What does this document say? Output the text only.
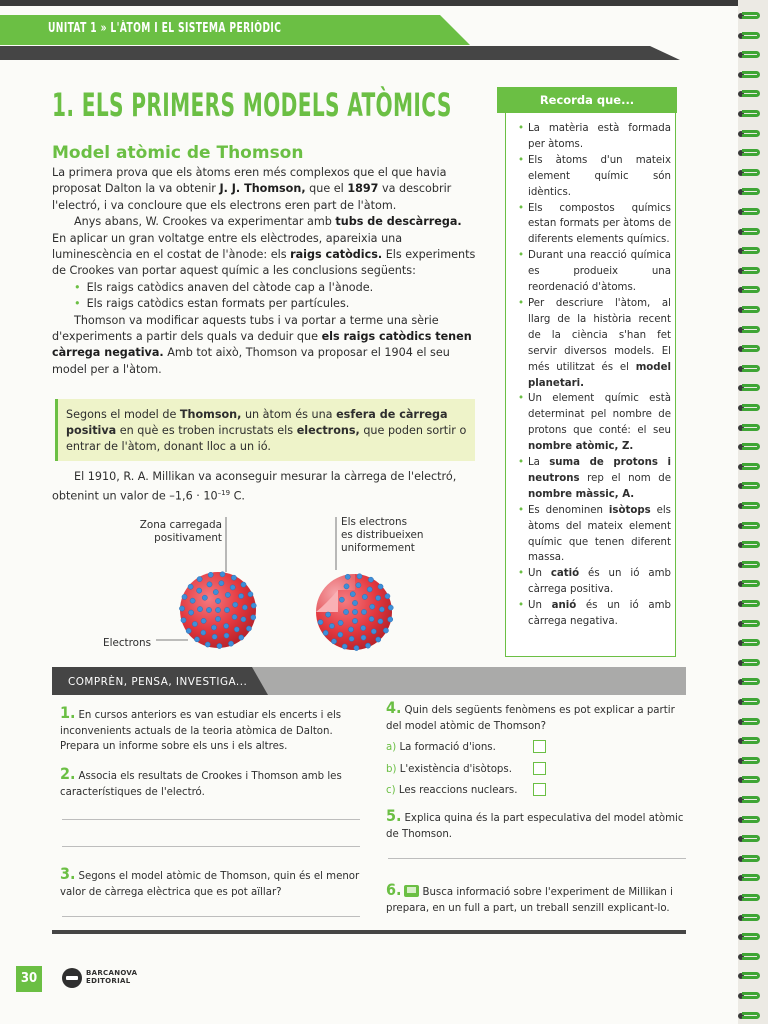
UNITAT 1 » L'ÀTOM I EL SISTEMA PERIÒDIC
1. ELS PRIMERS MODELS ATÒMICS
Model atòmic de Thomson

La primera prova que els àtoms eren més complexos que el que havia proposat Dalton la va obtenir J. J. Thomson, que el 1897 va descobrir l'electró, i va concloure que els electrons eren part de l'àtom.

Anys abans, W. Crookes va experimentar amb tubs de descàrrega. En aplicar un gran voltatge entre els elèctrodes, apareixia una luminescència en el costat de l'ànode: els raigs catòdics. Els experiments de Crookes van portar aquest químic a les conclusions següents:

• Els raigs catòdics anaven del càtode cap a l'ànode.
• Els raigs catòdics estan formats per partícules.

Thomson va modificar aquests tubs i va portar a terme una sèrie d'experiments a partir dels quals va deduir que els raigs catòdics tenen càrrega negativa. Amb tot això, Thomson va proposar el 1904 el seu model per a l'àtom.

Segons el model de Thomson, un àtom és una esfera de càrrega positiva en què es troben incrustats els electrons, que poden sortir o entrar de l'àtom, donant lloc a un ió.
El 1910, R. A. Millikan va aconseguir mesurar la càrrega de l'electró, obtenint un valor de $-1,6 \cdot 10^{-19}$ C.
Zona carregada
positivament
Els electrons
es distribueixen
uniformement
Electrons
Recorda que...
• La matèria està formada per àtoms.
• Els àtoms d'un mateix element químic són idèntics.
• Els compostos químics estan formats per àtoms de diferents elements químics.
• Durant una reacció química es produeix una reordenació d'àtoms.
• Per descriure l'àtom, al llarg de la història recent de la ciència s'han fet servir diversos models. El més utilitzat és el model planetari.
• Un element químic està determinat pel nombre de protons que conté: el seu nombre atòmic, Z.
• La suma de protons i neutrons rep el nom de nombre màssic, A.
• Es denominen isòtops els àtoms del mateix element químic que tenen diferent massa.
• Un catió és un ió amb càrrega positiva.
• Un anió és un ió amb càrrega negativa.
COMPRÈN, PENSA, INVESTIGA...
1. En cursos anteriors es van estudiar els encerts i els inconvenients actuals de la teoria atòmica de Dalton. Prepara un informe sobre els uns i els altres.
2. Associa els resultats de Crookes i Thomson amb les característiques de l'electró.
3. Segons el model atòmic de Thomson, quin és el menor valor de càrrega elèctrica que es pot aïllar?
4. Quin dels següents fenòmens es pot explicar a partir del model atòmic de Thomson?
a) La formació d'ions.
b) L'existència d'isòtops.
c) Les reaccions nuclears.
5. Explica quina és la part especulativa del model atòmic de Thomson.
6. Busca informació sobre l'experiment de Millikan i prepara, en un full a part, un treball senzill explicant-lo.
30	BARCANOVA
EDITORIAL
